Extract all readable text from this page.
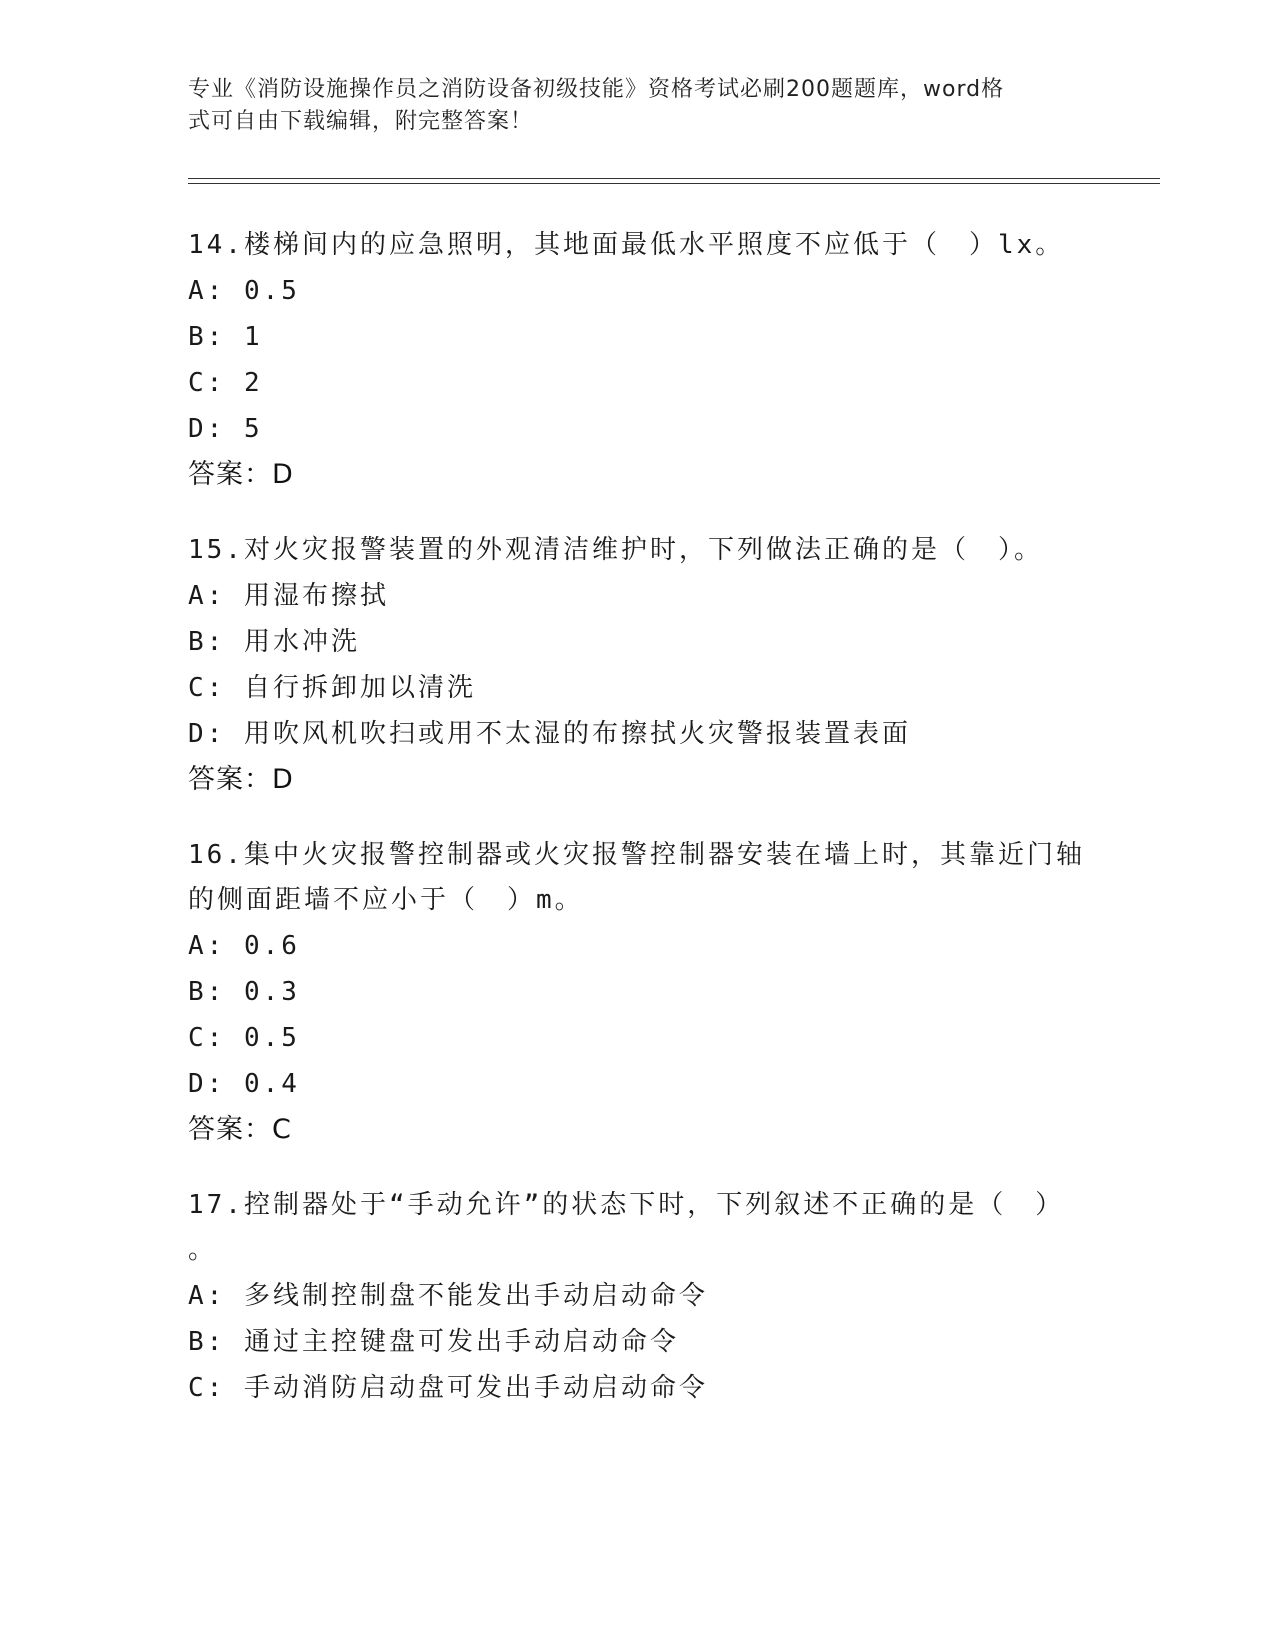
专业《消防设施操作员之消防设备初级技能》资格考试必刷200题题库，word格
式可自由下载编辑，附完整答案！
14.楼梯间内的应急照明，其地面最低水平照度不应低于（　）lx。
A: 0.5
B: 1
C: 2
D: 5
答案：D
15.对火灾报警装置的外观清洁维护时，下列做法正确的是（　）。
A: 用湿布擦拭
B: 用水冲洗
C: 自行拆卸加以清洗
D: 用吹风机吹扫或用不太湿的布擦拭火灾警报装置表面
答案：D
16.集中火灾报警控制器或火灾报警控制器安装在墙上时，其靠近门轴
的侧面距墙不应小于（　）m。
A: 0.6
B: 0.3
C: 0.5
D: 0.4
答案：C
17.控制器处于“手动允许”的状态下时，下列叙述不正确的是（　）
。
A: 多线制控制盘不能发出手动启动命令
B: 通过主控键盘可发出手动启动命令
C: 手动消防启动盘可发出手动启动命令
